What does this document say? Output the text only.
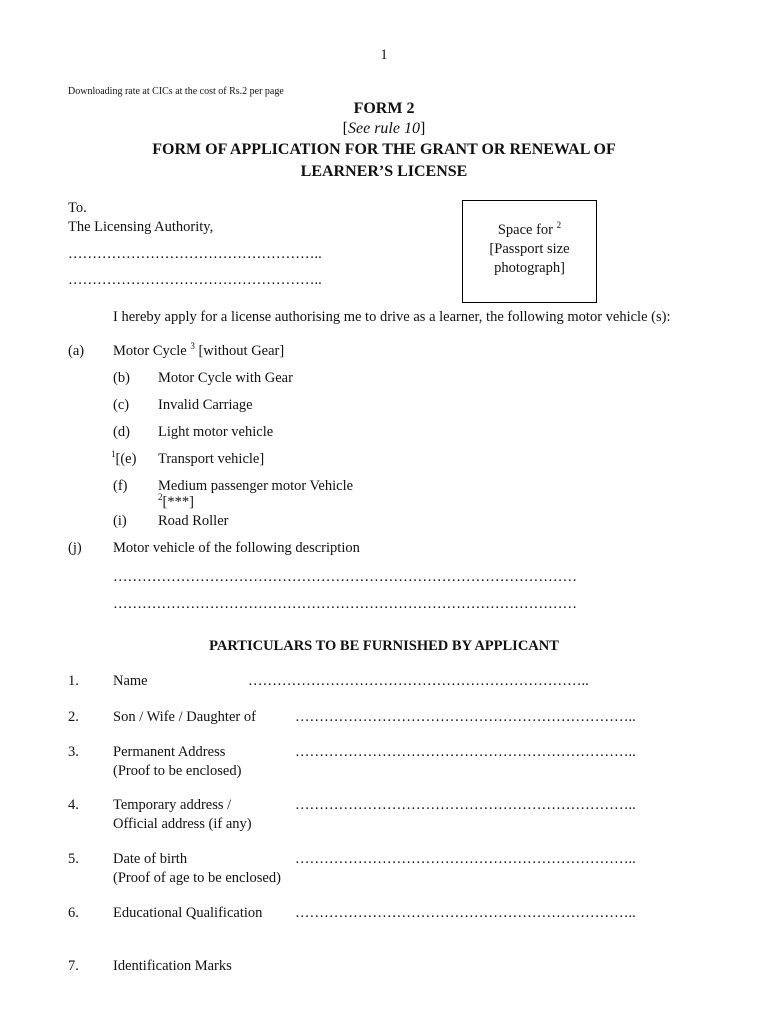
1
Downloading rate at CICs at the cost of Rs.2 per page
FORM 2
[See rule 10]
FORM OF APPLICATION FOR THE GRANT OR RENEWAL OF
LEARNER’S LICENSE
To.
The Licensing Authority,
……………………………………………..
……………………………………………..
Space for $^2$
[Passport size
photograph]
I hereby apply for a license authorising me to drive as a learner, the following motor vehicle (s):
(a) Motor Cycle $^3$ [without Gear]
(b) Motor Cycle with Gear
(c) Invalid Carriage
(d) Light motor vehicle
$^1$[(e) Transport vehicle]
(f) Medium passenger motor Vehicle
$^2$[***]
(i) Road Roller
(j) Motor vehicle of the following description
……………………………………………………………………………………
……………………………………………………………………………………
PARTICULARS TO BE FURNISHED BY APPLICANT
1. Name	……………………………………………………………..
2. Son / Wife / Daughter of	……………………………………………………………..
3. Permanent Address
(Proof to be enclosed)
……………………………………………………………..
4. Temporary address /
Official address (if any)
……………………………………………………………..
5. Date of birth
(Proof of age to be enclosed)
……………………………………………………………..
6. Educational Qualification ……………………………………………………………..
7. Identification Marks
